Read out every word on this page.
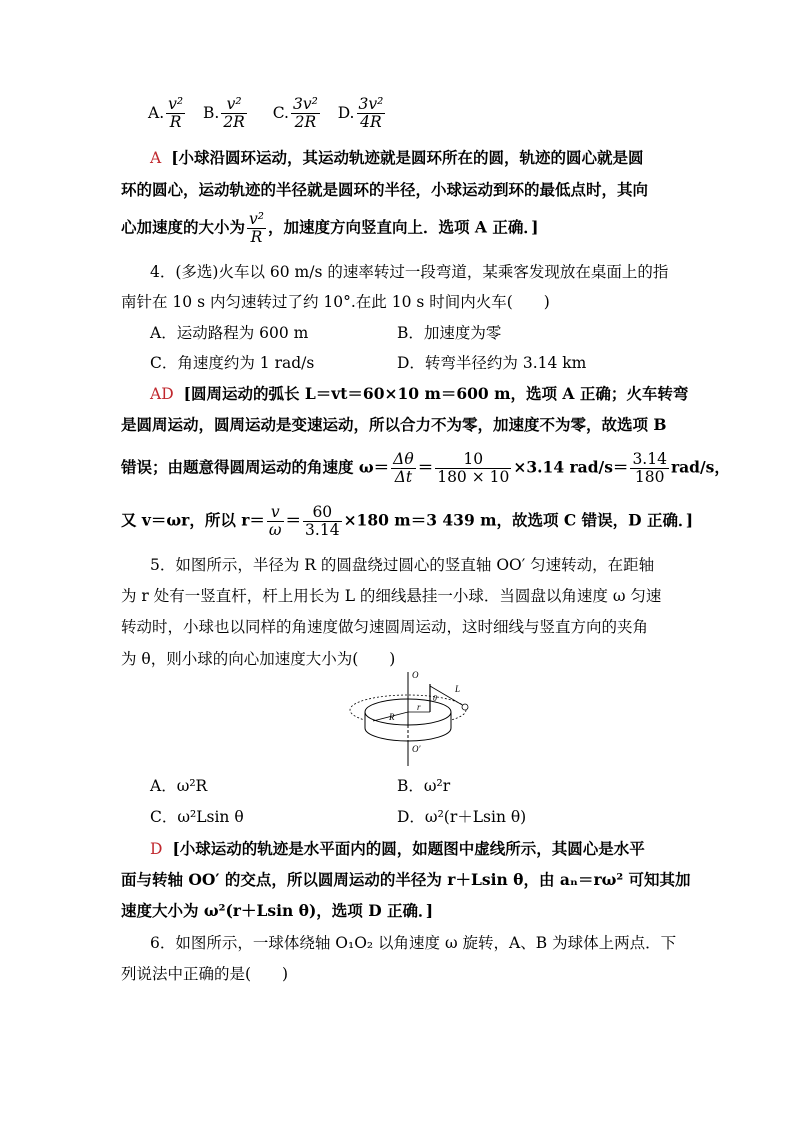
A. $\frac{\text{v²}}{R} B$. $\frac{\text{v²}}{2R} C$. $\frac{\text{3v²}}{2R} D$. $\frac{\text{3v²}}{4R}$
A [小球沿圆环运动，其运动轨迹就是圆环所在的圆，轨迹的圆心就是圆
环的圆心，运动轨迹的半径就是圆环的半径，小球运动到环的最低点时，其向
心加速度的大小为 $\frac{\text{v²}}{R}$ ，加速度方向竖直向上．选项 A 正确．]
4．(多选)火车以 60 m/s 的速率转过一段弯道，某乘客发现放在桌面上的指
南针在 10 s 内匀速转过了约 10°.在此 10 s 时间内火车(　　)
A．运动路程为 600 m	B．加速度为零
C．角速度约为 1 rad/s	D．转弯半径约为 3.14 km
AD [圆周运动的弧长 L＝vt＝60×10 m＝600 m，选项 A 正确；火车转弯
是圆周运动，圆周运动是变速运动，所以合力不为零，加速度不为零，故选项 B
错误；由题意得圆周运动的角速度 $\omega= \frac{\Delta\theta}{\Delta t} = \frac{10}{180 \times 10} \times 3.14$ $rad/s= \frac{3.14}{180} rad/s$，
又 v＝ωr，所以 $r= \frac{v}{\omega} = \frac{60}{3.14} \times 180$ m＝3 439 m，故选项 C 错误，D 正确．]
5．如图所示，半径为 R 的圆盘绕过圆心的竖直轴 OO′ 匀速转动，在距轴
为 r 处有一竖直杆，杆上用长为 L 的细线悬挂一小球．当圆盘以角速度 ω 匀速
转动时，小球也以同样的角速度做匀速圆周运动，这时细线与竖直方向的夹角
为 θ，则小球的向心加速度大小为(　　)
O
O′
R
r
L
θ
A．ω²R	B．ω²r
C．ω²Lsin θ	D．ω²(r＋Lsin θ)
D [小球运动的轨迹是水平面内的圆，如题图中虚线所示，其圆心是水平
面与转轴 OO′ 的交点，所以圆周运动的半径为 r＋Lsin θ，由 aₙ＝rω² 可知其加
速度大小为 ω²(r＋Lsin θ)，选项 D 正确．]
6．如图所示，一球体绕轴 O₁O₂ 以角速度 ω 旋转，A、B 为球体上两点．下
列说法中正确的是(　　)
